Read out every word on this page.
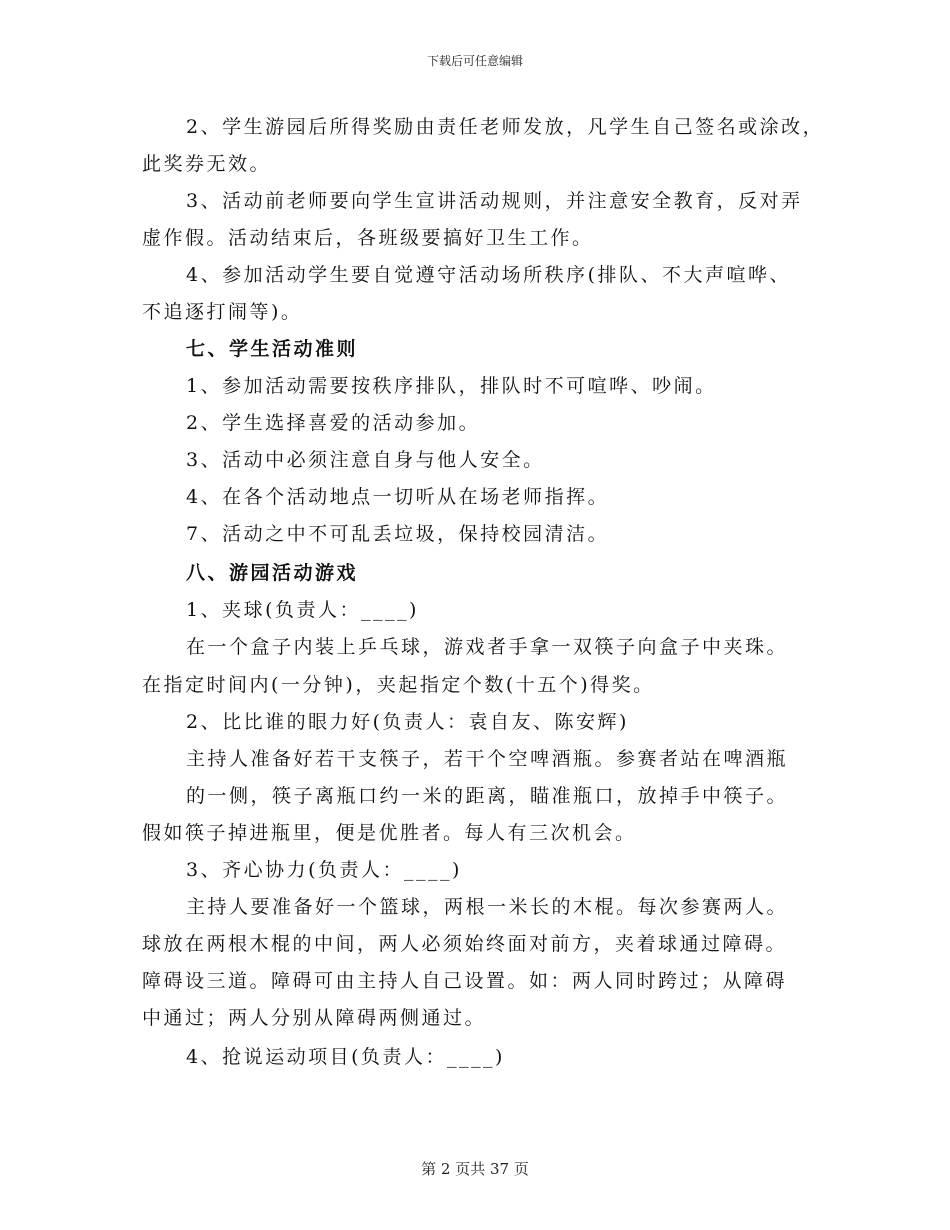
下载后可任意编辑
2、学生游园后所得奖励由责任老师发放，凡学生自己签名或涂改，
此奖券无效。
3、活动前老师要向学生宣讲活动规则，并注意安全教育，反对弄
虚作假。活动结束后，各班级要搞好卫生工作。
4、参加活动学生要自觉遵守活动场所秩序(排队、不大声喧哗、
不追逐打闹等)。
七、学生活动准则
1、参加活动需要按秩序排队，排队时不可喧哗、吵闹。
2、学生选择喜爱的活动参加。
3、活动中必须注意自身与他人安全。
4、在各个活动地点一切听从在场老师指挥。
7、活动之中不可乱丢垃圾，保持校园清洁。
八、游园活动游戏
1、夹球(负责人：____)
在一个盒子内装上乒乓球，游戏者手拿一双筷子向盒子中夹珠。
在指定时间内(一分钟)，夹起指定个数(十五个)得奖。
2、比比谁的眼力好(负责人：袁自友、陈安辉)
主持人准备好若干支筷子，若干个空啤酒瓶。参赛者站在啤酒瓶
的一侧，筷子离瓶口约一米的距离，瞄准瓶口，放掉手中筷子。
假如筷子掉进瓶里，便是优胜者。每人有三次机会。
3、齐心协力(负责人：____)
主持人要准备好一个篮球，两根一米长的木棍。每次参赛两人。
球放在两根木棍的中间，两人必须始终面对前方，夹着球通过障碍。
障碍设三道。障碍可由主持人自己设置。如：两人同时跨过；从障碍
中通过；两人分别从障碍两侧通过。
4、抢说运动项目(负责人：____)
第 2 页共 37 页
